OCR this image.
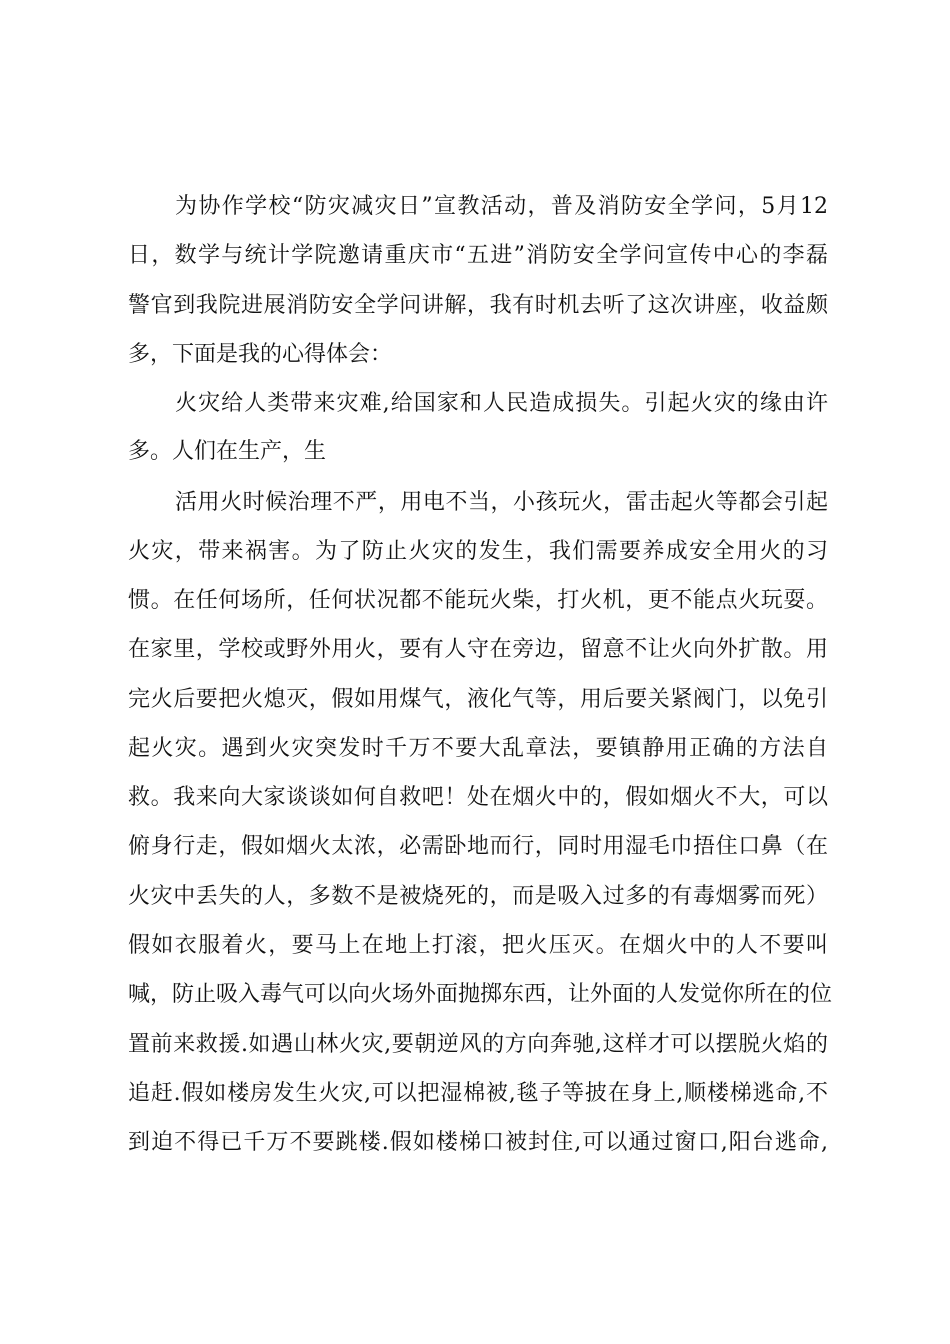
为协作学校“防灾减灾日”宣教活动，普及消防安全学问，5月12
日，数学与统计学院邀请重庆市“五进”消防安全学问宣传中心的李磊
警官到我院进展消防安全学问讲解，我有时机去听了这次讲座，收益颇
多，下面是我的心得体会：
火灾给人类带来灾难,给国家和人民造成损失。引起火灾的缘由许
多。人们在生产，生
活用火时候治理不严，用电不当，小孩玩火，雷击起火等都会引起
火灾，带来祸害。为了防止火灾的发生，我们需要养成安全用火的习
惯。在任何场所，任何状况都不能玩火柴，打火机，更不能点火玩耍。
在家里，学校或野外用火，要有人守在旁边，留意不让火向外扩散。用
完火后要把火熄灭，假如用煤气，液化气等，用后要关紧阀门，以免引
起火灾。遇到火灾突发时千万不要大乱章法，要镇静用正确的方法自
救。我来向大家谈谈如何自救吧！处在烟火中的，假如烟火不大，可以
俯身行走，假如烟火太浓，必需卧地而行，同时用湿毛巾捂住口鼻（在
火灾中丢失的人，多数不是被烧死的，而是吸入过多的有毒烟雾而死）
假如衣服着火，要马上在地上打滚，把火压灭。在烟火中的人不要叫
喊，防止吸入毒气可以向火场外面抛掷东西，让外面的人发觉你所在的位
置前来救援.如遇山林火灾,要朝逆风的方向奔驰,这样才可以摆脱火焰的
追赶.假如楼房发生火灾,可以把湿棉被,毯子等披在身上,顺楼梯逃命,不
到迫不得已千万不要跳楼.假如楼梯口被封住,可以通过窗口,阳台逃命,
